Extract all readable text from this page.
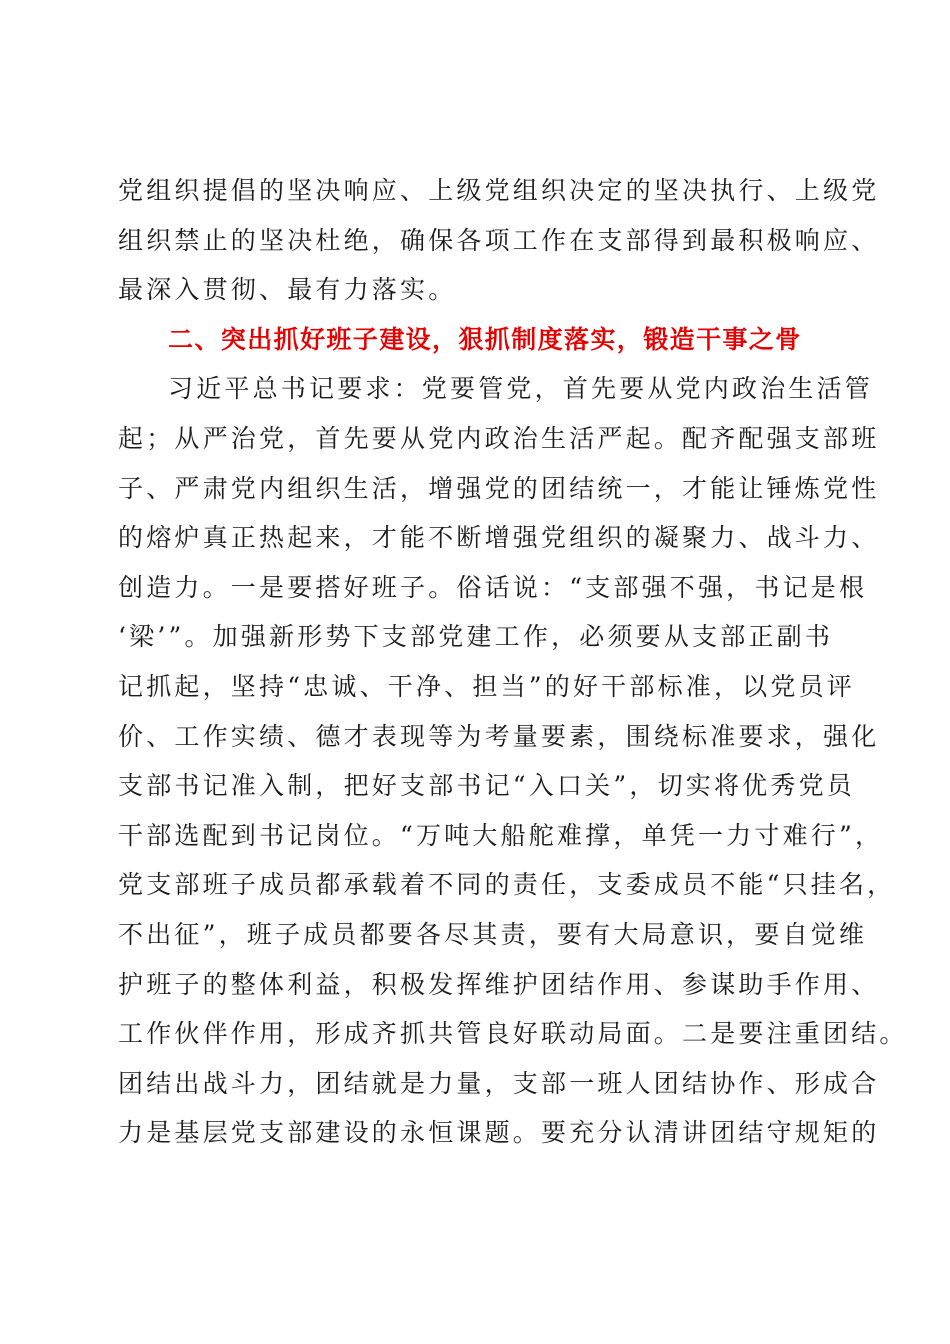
党组织提倡的坚决响应、上级党组织决定的坚决执行、上级党
组织禁止的坚决杜绝，确保各项工作在支部得到最积极响应、
最深入贯彻、最有力落实。
二、突出抓好班子建设，狠抓制度落实，锻造干事之骨
习近平总书记要求：党要管党，首先要从党内政治生活管
起；从严治党，首先要从党内政治生活严起。配齐配强支部班
子、严肃党内组织生活，增强党的团结统一，才能让锤炼党性
的熔炉真正热起来，才能不断增强党组织的凝聚力、战斗力、
创造力。一是要搭好班子。俗话说：“支部强不强，书记是根
‘梁’”。加强新形势下支部党建工作，必须要从支部正副书
记抓起，坚持“忠诚、干净、担当”的好干部标准，以党员评
价、工作实绩、德才表现等为考量要素，围绕标准要求，强化
支部书记准入制，把好支部书记“入口关”，切实将优秀党员
干部选配到书记岗位。“万吨大船舵难撑，单凭一力寸难行”，
党支部班子成员都承载着不同的责任，支委成员不能“只挂名，
不出征”，班子成员都要各尽其责，要有大局意识，要自觉维
护班子的整体利益，积极发挥维护团结作用、参谋助手作用、
工作伙伴作用，形成齐抓共管良好联动局面。二是要注重团结。
团结出战斗力，团结就是力量，支部一班人团结协作、形成合
力是基层党支部建设的永恒课题。要充分认清讲团结守规矩的
